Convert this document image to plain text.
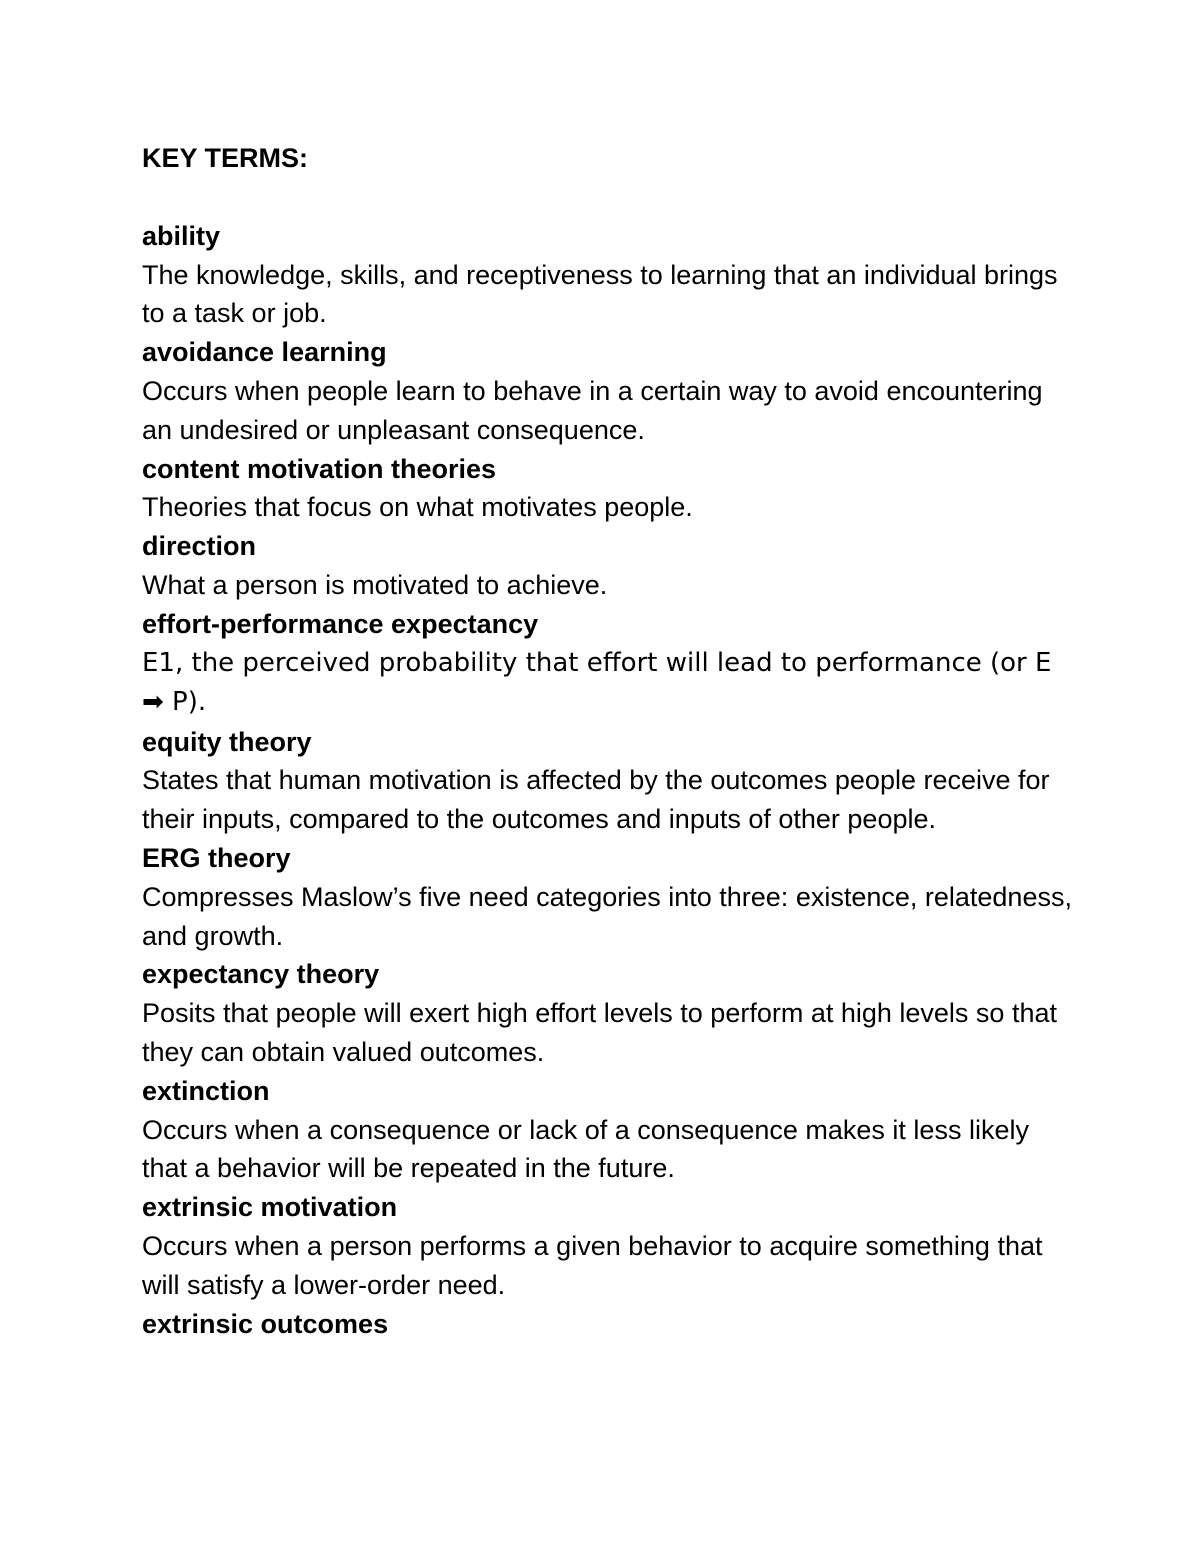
KEY TERMS:
ability
The knowledge, skills, and receptiveness to learning that an individual brings to a task or job.
avoidance learning
Occurs when people learn to behave in a certain way to avoid encountering an undesired or unpleasant consequence.
content motivation theories
Theories that focus on what motivates people.
direction
What a person is motivated to achieve.
effort-performance expectancy
E1, the perceived probability that effort will lead to performance (or E ➡ P).
equity theory
States that human motivation is affected by the outcomes people receive for their inputs, compared to the outcomes and inputs of other people.
ERG theory
Compresses Maslow’s five need categories into three: existence, relatedness, and growth.
expectancy theory
Posits that people will exert high effort levels to perform at high levels so that they can obtain valued outcomes.
extinction
Occurs when a consequence or lack of a consequence makes it less likely that a behavior will be repeated in the future.
extrinsic motivation
Occurs when a person performs a given behavior to acquire something that will satisfy a lower-order need.
extrinsic outcomes
